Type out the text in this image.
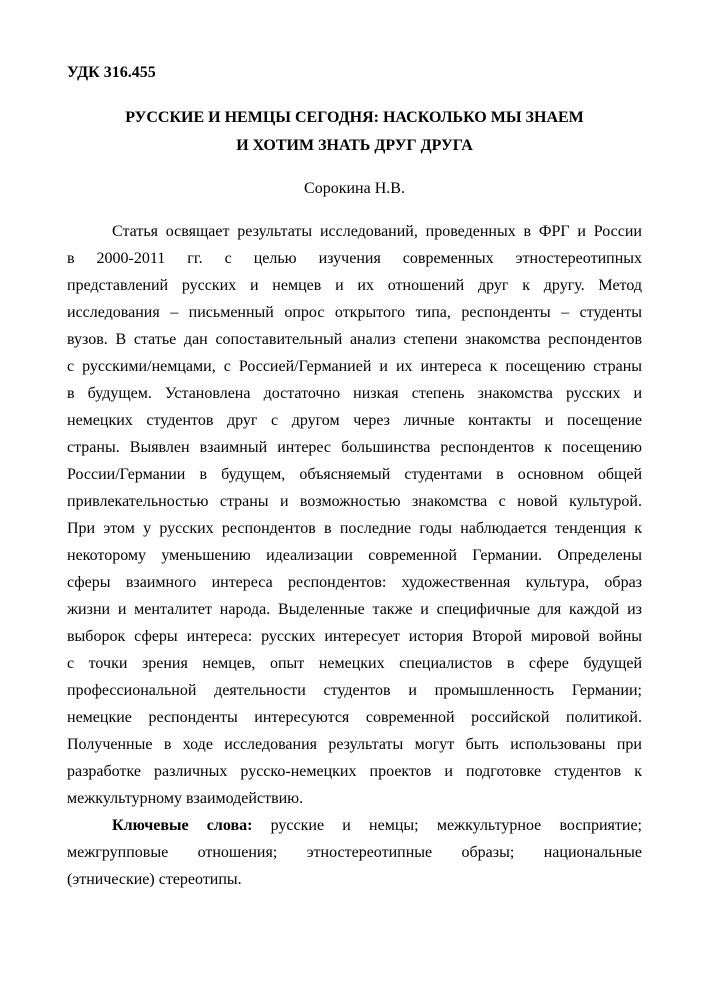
УДК 316.455
РУССКИЕ И НЕМЦЫ СЕГОДНЯ: НАСКОЛЬКО МЫ ЗНАЕМ
И ХОТИМ ЗНАТЬ ДРУГ ДРУГА
Сорокина Н.В.
Статья освящает результаты исследований, проведенных в ФРГ и России
в 2000-2011 гг. с целью изучения современных этностереотипных
представлений русских и немцев и их отношений друг к другу. Метод
исследования – письменный опрос открытого типа, респонденты – студенты
вузов. В статье дан сопоставительный анализ степени знакомства респондентов
с русскими/немцами, с Россией/Германией и их интереса к посещению страны
в будущем. Установлена достаточно низкая степень знакомства русских и
немецких студентов друг с другом через личные контакты и посещение
страны. Выявлен взаимный интерес большинства респондентов к посещению
России/Германии в будущем, объясняемый студентами в основном общей
привлекательностью страны и возможностью знакомства с новой культурой.
При этом у русских респондентов в последние годы наблюдается тенденция к
некоторому уменьшению идеализации современной Германии. Определены
сферы взаимного интереса респондентов: художественная культура, образ
жизни и менталитет народа. Выделенные также и специфичные для каждой из
выборок сферы интереса: русских интересует история Второй мировой войны
с точки зрения немцев, опыт немецких специалистов в сфере будущей
профессиональной деятельности студентов и промышленность Германии;
немецкие респонденты интересуются современной российской политикой.
Полученные в ходе исследования результаты могут быть использованы при
разработке различных русско-немецких проектов и подготовке студентов к
межкультурному взаимодействию.
Ключевые слова: русские и немцы; межкультурное восприятие;
межгрупповые отношения; этностереотипные образы; национальные
(этнические) стереотипы.
